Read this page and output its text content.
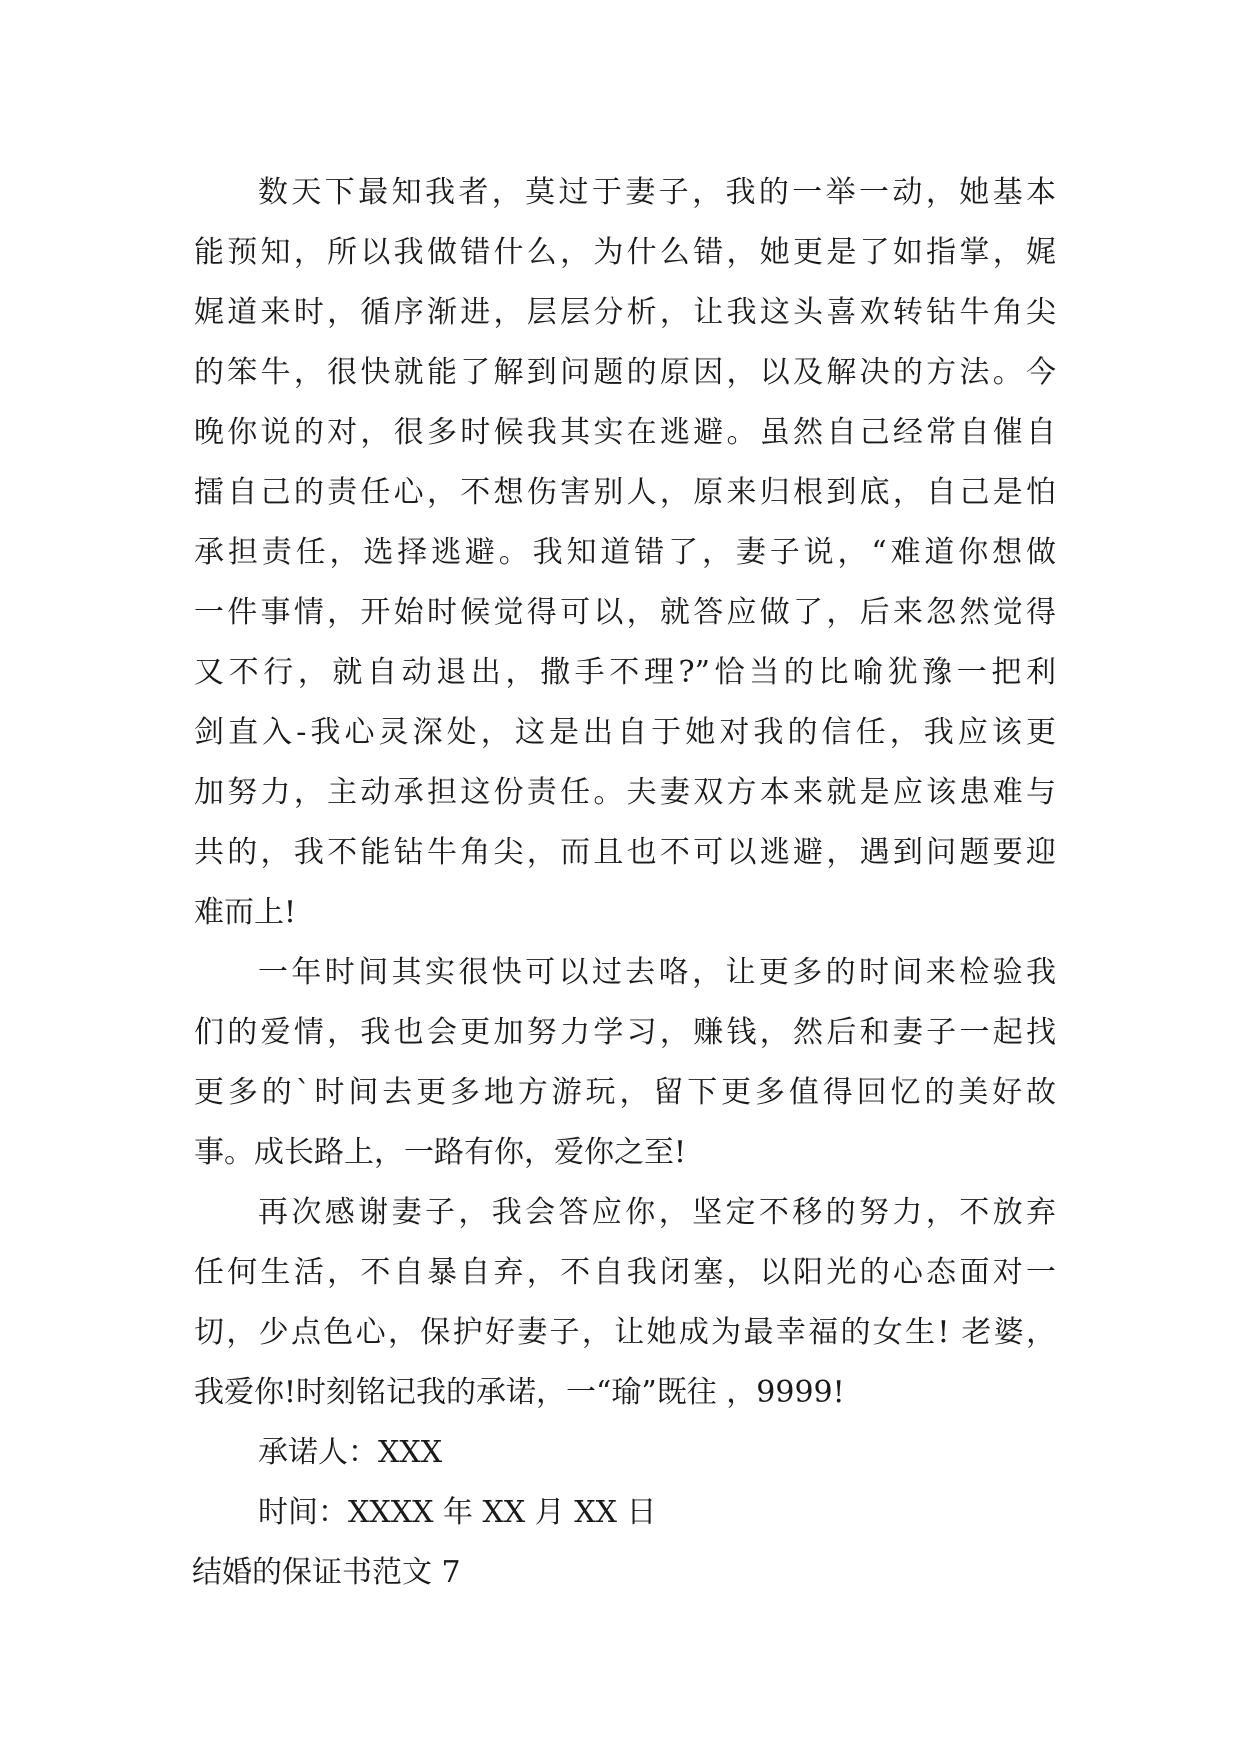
数天下最知我者，莫过于妻子，我的一举一动，她基本
能预知，所以我做错什么，为什么错，她更是了如指掌，娓
娓道来时，循序渐进，层层分析，让我这头喜欢转钻牛角尖
的笨牛，很快就能了解到问题的原因，以及解决的方法。今
晚你说的对，很多时候我其实在逃避。虽然自己经常自催自
擂自己的责任心，不想伤害别人，原来归根到底，自己是怕
承担责任，选择逃避。我知道错了，妻子说，“难道你想做
一件事情，开始时候觉得可以，就答应做了，后来忽然觉得
又不行，就自动退出，撒手不理?”恰当的比喻犹豫一把利
剑直入-我心灵深处，这是出自于她对我的信任，我应该更
加努力，主动承担这份责任。夫妻双方本来就是应该患难与
共的，我不能钻牛角尖，而且也不可以逃避，遇到问题要迎
难而上!
一年时间其实很快可以过去咯，让更多的时间来检验我
们的爱情，我也会更加努力学习，赚钱，然后和妻子一起找
更多的`时间去更多地方游玩，留下更多值得回忆的美好故
事。成长路上，一路有你，爱你之至!
再次感谢妻子，我会答应你，坚定不移的努力，不放弃
任何生活，不自暴自弃，不自我闭塞，以阳光的心态面对一
切，少点色心，保护好妻子，让她成为最幸福的女生! 老婆，
我爱你!时刻铭记我的承诺，一“瑜”既往 ，9999!
承诺人：XXX
时间：XXXX 年 XX 月 XX 日
结婚的保证书范文 7
